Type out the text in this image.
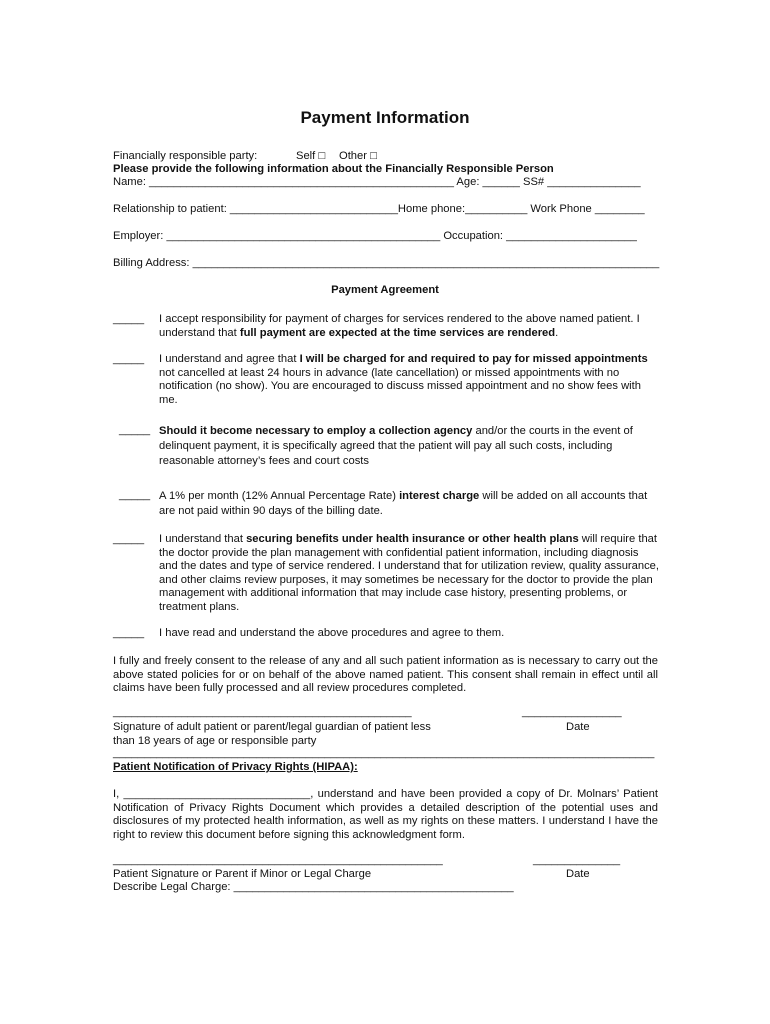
Payment Information
Financially responsible party:	Self □ Other □
Please provide the following information about the Financially Responsible Person
Name: _________________________________________________ Age: ______ SS# _______________
Relationship to patient: ___________________________Home phone:__________ Work Phone ________
Employer: ____________________________________________ Occupation: _____________________
Billing Address: ___________________________________________________________________________
Payment Agreement
_____ I accept responsibility for payment of charges for services rendered to the above named patient. I understand that full payment are expected at the time services are rendered.
_____ I understand and agree that I will be charged for and required to pay for missed appointments not cancelled at least 24 hours in advance (late cancellation) or missed appointments with no notification (no show). You are encouraged to discuss missed appointment and no show fees with me.
_____ Should it become necessary to employ a collection agency and/or the courts in the event of delinquent payment, it is specifically agreed that the patient will pay all such costs, including reasonable attorney’s fees and court costs
_____ A 1% per month (12% Annual Percentage Rate) interest charge will be added on all accounts that are not paid within 90 days of the billing date.
_____ I understand that securing benefits under health insurance or other health plans will require that the doctor provide the plan management with confidential patient information, including diagnosis and the dates and type of service rendered. I understand that for utilization review, quality assurance, and other claims review purposes, it may sometimes be necessary for the doctor to provide the plan management with additional information that may include case history, presenting problems, or treatment plans.
_____ I have read and understand the above procedures and agree to them.
I fully and freely consent to the release of any and all such patient information as is necessary to carry out the above stated policies for or on behalf of the above named patient. This consent shall remain in effect until all claims have been fully processed and all review procedures completed.
________________________________________________
Signature of adult patient or parent/legal guardian of patient less
than 18 years of age or responsible party
________________
Date
_______________________________________________________________________________________
Patient Notification of Privacy Rights (HIPAA):
I, ______________________________, understand and have been provided a copy of Dr. Molnars’ Patient Notification of Privacy Rights Document which provides a detailed description of the potential uses and disclosures of my protected health information, as well as my rights on these matters. I understand I have the right to review this document before signing this acknowledgment form.
_____________________________________________________
Patient Signature or Parent if Minor or Legal Charge
______________
Date
Describe Legal Charge: _____________________________________________
